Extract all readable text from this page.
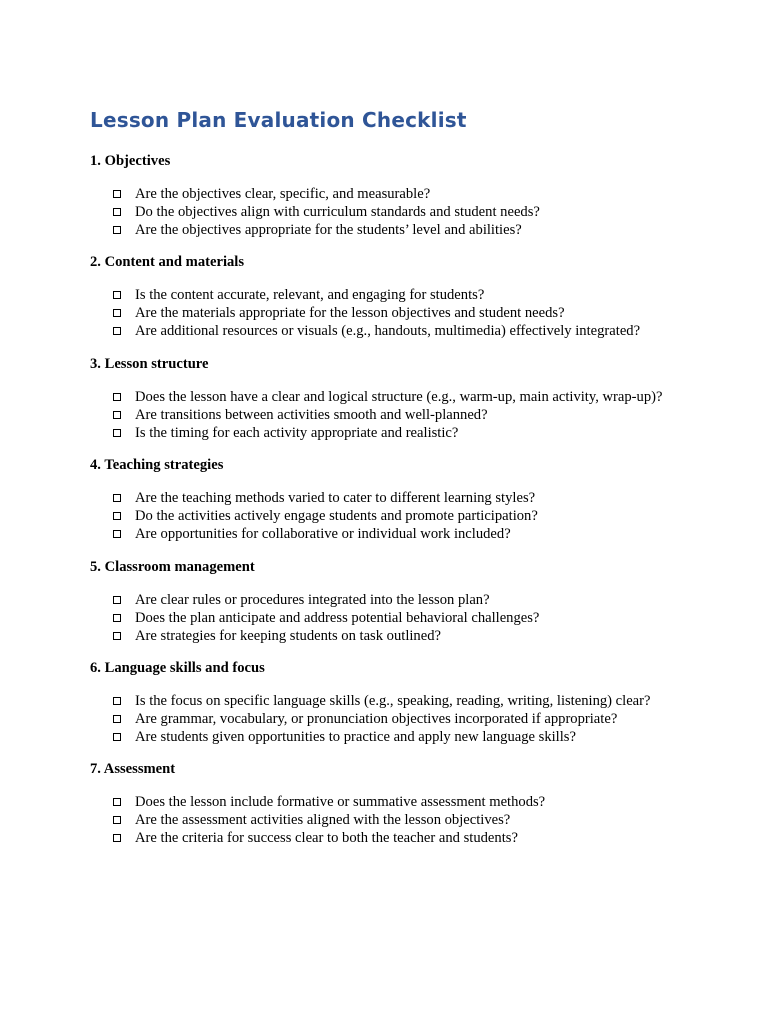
Lesson Plan Evaluation Checklist

1. Objectives

Are the objectives clear, specific, and measurable?
Do the objectives align with curriculum standards and student needs?
Are the objectives appropriate for the students’ level and abilities?

2. Content and materials

Is the content accurate, relevant, and engaging for students?
Are the materials appropriate for the lesson objectives and student needs?
Are additional resources or visuals (e.g., handouts, multimedia) effectively integrated?

3. Lesson structure

Does the lesson have a clear and logical structure (e.g., warm-up, main activity, wrap-up)?
Are transitions between activities smooth and well-planned?
Is the timing for each activity appropriate and realistic?

4. Teaching strategies

Are the teaching methods varied to cater to different learning styles?
Do the activities actively engage students and promote participation?
Are opportunities for collaborative or individual work included?

5. Classroom management

Are clear rules or procedures integrated into the lesson plan?
Does the plan anticipate and address potential behavioral challenges?
Are strategies for keeping students on task outlined?

6. Language skills and focus

Is the focus on specific language skills (e.g., speaking, reading, writing, listening) clear?
Are grammar, vocabulary, or pronunciation objectives incorporated if appropriate?
Are students given opportunities to practice and apply new language skills?

7. Assessment

Does the lesson include formative or summative assessment methods?
Are the assessment activities aligned with the lesson objectives?
Are the criteria for success clear to both the teacher and students?
